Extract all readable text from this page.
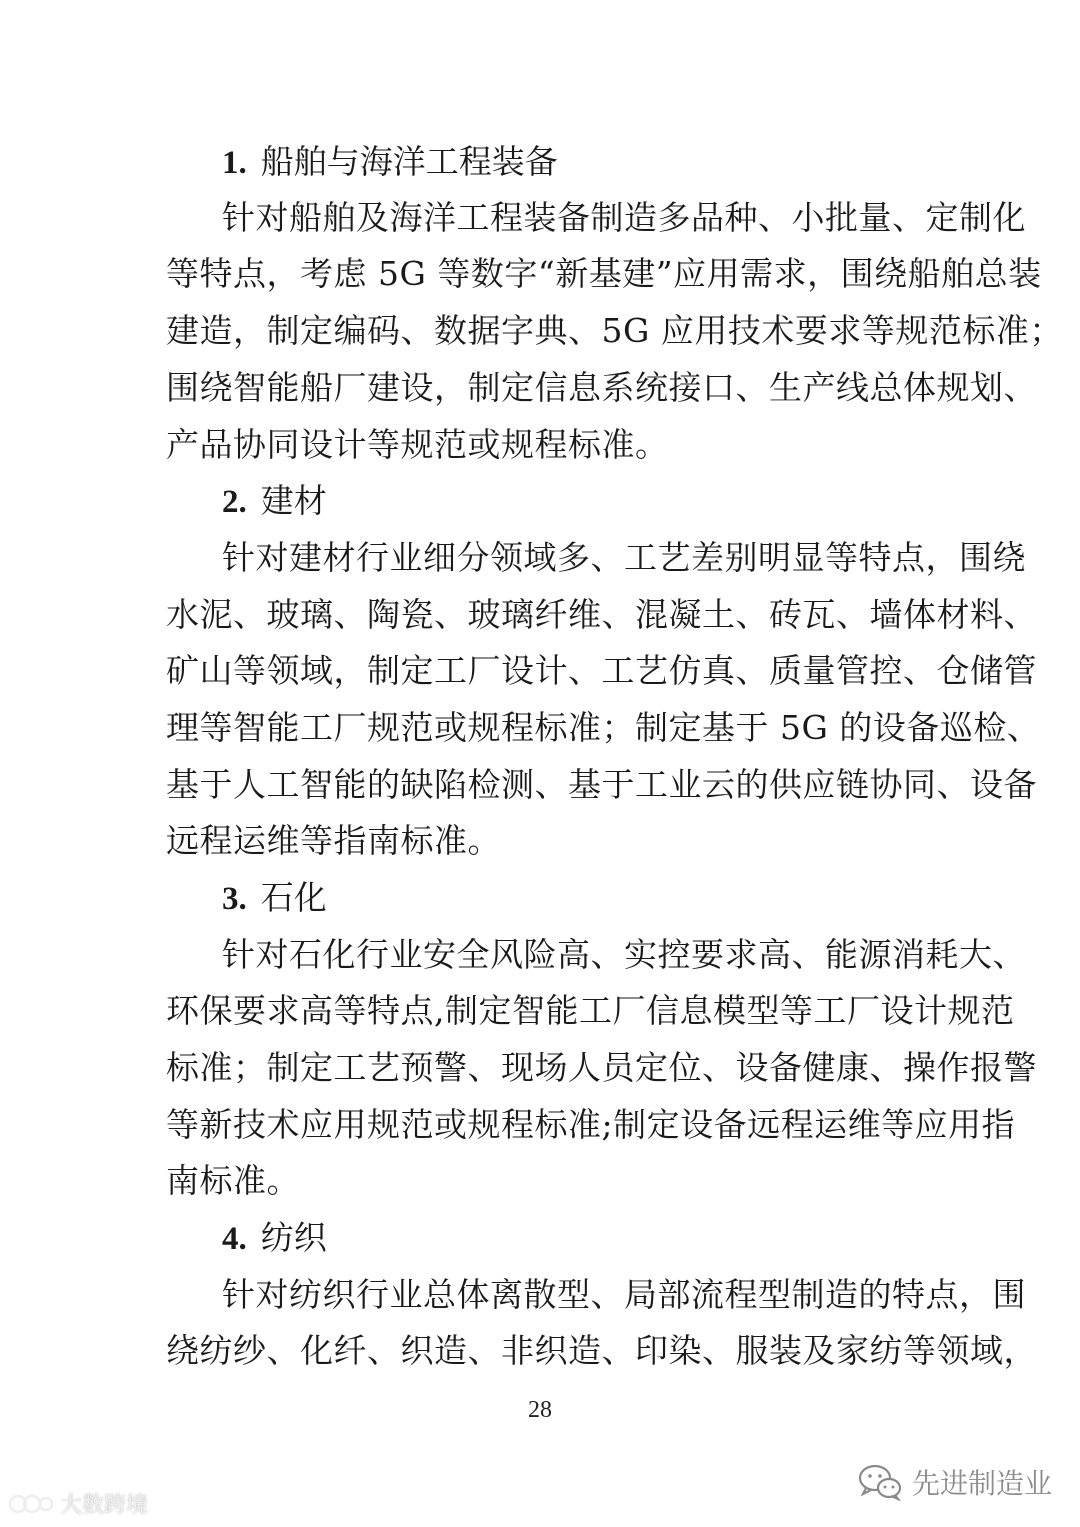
1. 船舶与海洋工程装备
针对船舶及海洋工程装备制造多品种、小批量、定制化
等特点，考虑 5G 等数字“新基建”应用需求，围绕船舶总装
建造，制定编码、数据字典、5G 应用技术要求等规范标准；
围绕智能船厂建设，制定信息系统接口、生产线总体规划、
产品协同设计等规范或规程标准。
2. 建材
针对建材行业细分领域多、工艺差别明显等特点，围绕
水泥、玻璃、陶瓷、玻璃纤维、混凝土、砖瓦、墙体材料、
矿山等领域，制定工厂设计、工艺仿真、质量管控、仓储管
理等智能工厂规范或规程标准；制定基于 5G 的设备巡检、
基于人工智能的缺陷检测、基于工业云的供应链协同、设备
远程运维等指南标准。
3. 石化
针对石化行业安全风险高、实控要求高、能源消耗大、
环保要求高等特点,制定智能工厂信息模型等工厂设计规范
标准；制定工艺预警、现场人员定位、设备健康、操作报警
等新技术应用规范或规程标准;制定设备远程运维等应用指
南标准。
4. 纺织
针对纺织行业总体离散型、局部流程型制造的特点，围
绕纺纱、化纤、织造、非织造、印染、服装及家纺等领域，
28
大数跨境
先进制造业
